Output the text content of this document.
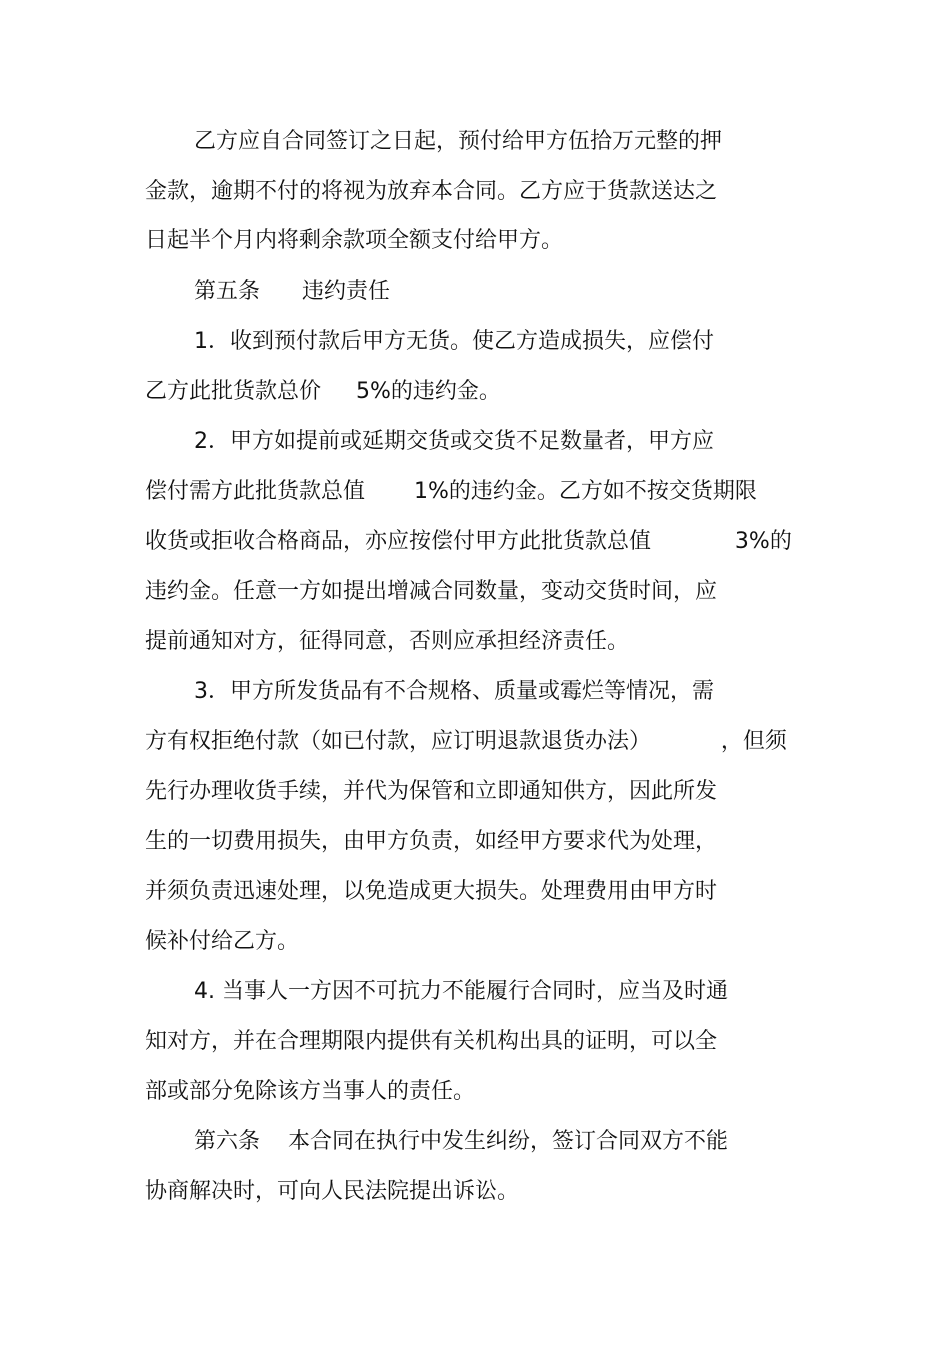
乙方应自合同签订之日起，预付给甲方伍拾万元整的押
金款，逾期不付的将视为放弃本合同。乙方应于货款送达之
日起半个月内将剩余款项全额支付给甲方。
第五条      违约责任
1．收到预付款后甲方无货。使乙方造成损失，应偿付
乙方此批货款总价     5%的违约金。
2．甲方如提前或延期交货或交货不足数量者，甲方应
偿付需方此批货款总值       1%的违约金。乙方如不按交货期限
收货或拒收合格商品，亦应按偿付甲方此批货款总值            3%的
违约金。任意一方如提出增减合同数量，变动交货时间，应
提前通知对方，征得同意，否则应承担经济责任。
3．甲方所发货品有不合规格、质量或霉烂等情况，需
方有权拒绝付款（如已付款，应订明退款退货办法）          ，但须
先行办理收货手续，并代为保管和立即通知供方，因此所发
生的一切费用损失，由甲方负责，如经甲方要求代为处理，
并须负责迅速处理，以免造成更大损失。处理费用由甲方时
候补付给乙方。
4. 当事人一方因不可抗力不能履行合同时，应当及时通
知对方，并在合理期限内提供有关机构出具的证明，可以全
部或部分免除该方当事人的责任。
第六条    本合同在执行中发生纠纷，签订合同双方不能
协商解决时，可向人民法院提出诉讼。
